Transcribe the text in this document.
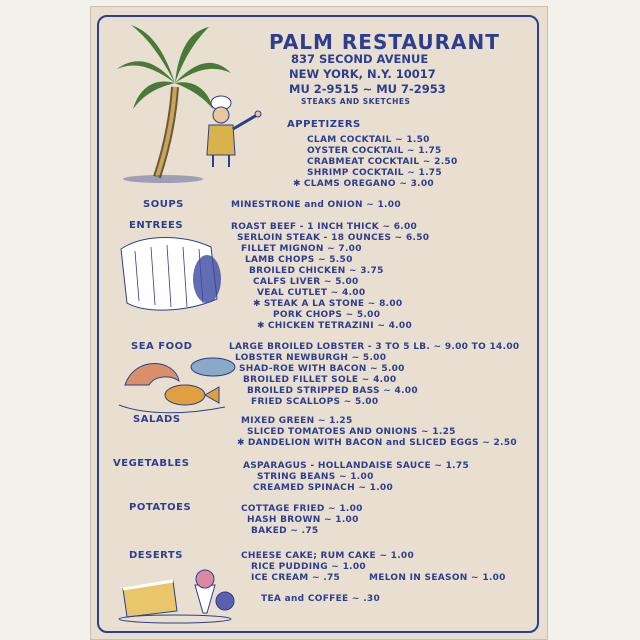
PALM RESTAURANT
837 SECOND AVENUE
NEW YORK, N.Y. 10017
MU 2-9515 ~ MU 7-2953
STEAKS AND SKETCHES
APPETIZERS
CLAM COCKTAIL ~ 1.50
OYSTER COCKTAIL ~ 1.75
CRABMEAT COCKTAIL ~ 2.50
SHRIMP COCKTAIL ~ 1.75
✱ CLAMS OREGANO ~ 3.00
SOUPS	MINESTRONE and ONION ~ 1.00
ENTREES	ROAST BEEF - 1 INCH THICK ~ 6.00
SERLOIN STEAK - 18 OUNCES ~ 6.50
FILLET MIGNON ~ 7.00
LAMB CHOPS ~ 5.50
BROILED CHICKEN ~ 3.75
CALFS LIVER ~ 5.00
VEAL CUTLET ~ 4.00
✱ STEAK A LA STONE ~ 8.00
PORK CHOPS ~ 5.00
✱ CHICKEN TETRAZINI ~ 4.00
SEA FOOD	LARGE BROILED LOBSTER - 3 TO 5 LB. ~ 9.00 TO 14.00
LOBSTER NEWBURGH ~ 5.00
SHAD-ROE WITH BACON ~ 5.00
BROILED FILLET SOLE ~ 4.00
BROILED STRIPPED BASS ~ 4.00
FRIED SCALLOPS ~ 5.00
SALADS	MIXED GREEN ~ 1.25
SLICED TOMATOES AND ONIONS ~ 1.25
✱ DANDELION WITH BACON and SLICED EGGS ~ 2.50
VEGETABLES	ASPARAGUS - HOLLANDAISE SAUCE ~ 1.75
STRING BEANS ~ 1.00
CREAMED SPINACH ~ 1.00
POTATOES	COTTAGE FRIED ~ 1.00
HASH BROWN ~ 1.00
BAKED ~ .75
DESERTS	CHEESE CAKE; RUM CAKE ~ 1.00
RICE PUDDING ~ 1.00
ICE CREAM ~ .75	MELON IN SEASON ~ 1.00
TEA and COFFEE ~ .30
